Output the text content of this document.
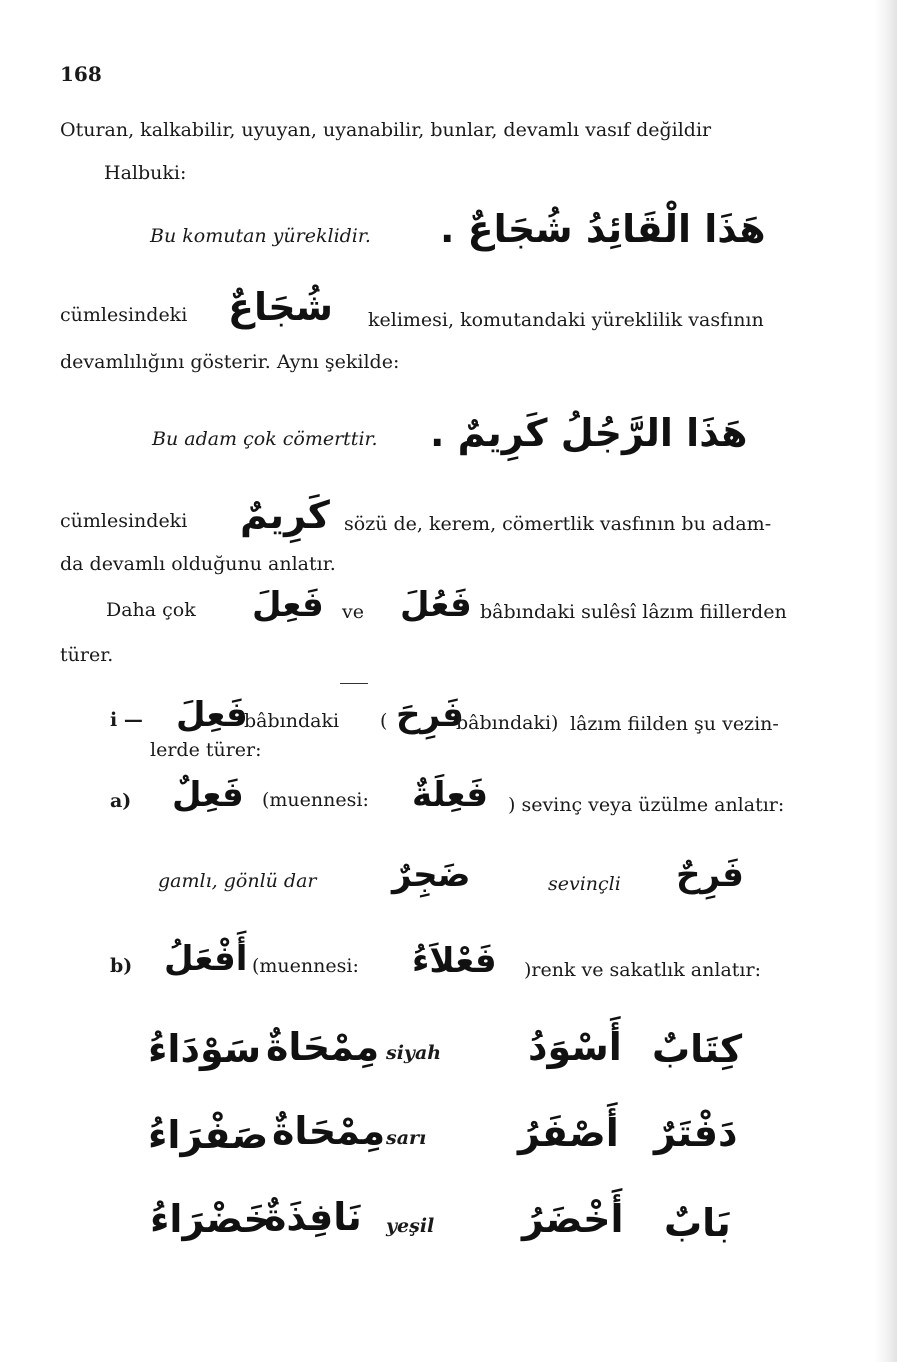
168
Oturan, kalkabilir, uyuyan, uyanabilir, bunlar, devamlı vasıf değildir
Halbuki:
Bu komutan yüreklidir. هَذَا الْقَائِدُ شُجَاعٌ .
cümlesindeki شُجَاعٌ kelimesi, komutandaki yüreklilik vasfının
devamlılığını gösterir. Aynı şekilde:
Bu adam çok cömerttir. هَذَا الرَّجُلُ كَرِيمٌ .
cümlesindeki كَرِيمٌ sözü de, kerem, cömertlik vasfının bu adam-
da devamlı olduğunu anlatır.
Daha çok فَعِلَ ve فَعُلَ bâbındaki sulêsî lâzım fiillerden
türer.
i — فَعِلَ
bâbındaki ( فَرِحَ
bâbındaki) lâzım fiilden şu vezin-
lerde türer:
a) فَعِلٌ (muennesi: فَعِلَةٌ ) sevinç veya üzülme anlatır:
gamlı, gönlü dar ضَجِرٌ	sevinçli فَرِحٌ
b) أَفْعَلُ (muennesi: فَعْلاَءُ )renk ve sakatlık anlatır:
سَوْدَاءُ مِمْحَاةٌ siyah أَسْوَدُ كِتَابٌ
صَفْرَاءُ مِمْحَاةٌ sarı أَصْفَرُ دَفْتَرٌ
خَضْرَاءُ
نَافِذَةٌ yeşil أَخْضَرُ بَابٌ
